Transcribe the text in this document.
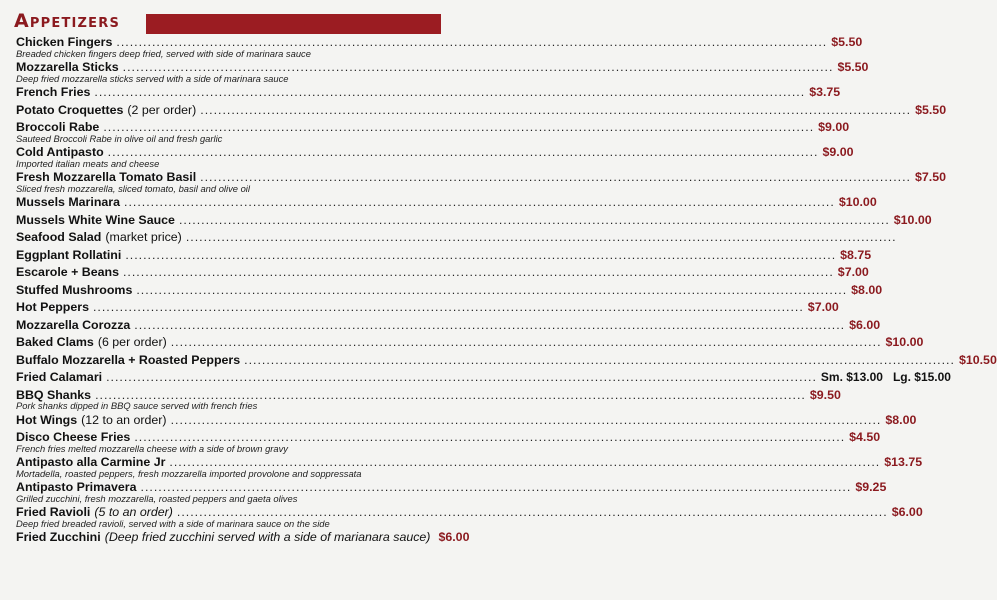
Appetizers
Chicken Fingers .....	$5.50
Breaded chicken fingers deep fried, served with side of marinara sauce
Mozzarella Sticks .....	$5.50
Deep fried mozzarella sticks served with a side of marinara sauce
French Fries .....	$3.75
Potato Croquettes (2 per order) .....	$5.50
Broccoli Rabe .....	$9.00
Sauteed Broccoli Rabe in olive oil and fresh garlic
Cold Antipasto .....	$9.00
Imported italian meats and cheese
Fresh Mozzarella Tomato Basil .....	$7.50
Sliced fresh mozzarella, sliced tomato, basil and olive oil
Mussels Marinara .....	$10.00
Mussels White Wine Sauce .....	$10.00
Seafood Salad (market price)
.....
Eggplant Rollatini .....	$8.75
Escarole + Beans .....	$7.00
Stuffed Mushrooms .....	$8.00
Hot Peppers .....	$7.00
Mozzarella Corozza .....	$6.00
Baked Clams (6 per order) .....	$10.00
Buffalo Mozzarella + Roasted Peppers .....	$10.50
Fried Calamari .....	Sm. $13.00 Lg. $15.00
BBQ Shanks .....	$9.50
Pork shanks dipped in BBQ sauce served with french fries
Hot Wings (12 to an order) .....	$8.00
Disco Cheese Fries .....	$4.50
French fries melted mozzarella cheese with a side of brown gravy
Antipasto alla Carmine Jr .....	$13.75
Mortadella, roasted peppers, fresh mozzarella imported provolone and soppressata
Antipasto Primavera .....	$9.25
Grilled zucchini, fresh mozzarella, roasted peppers and gaeta olives
Fried Ravioli (5 to an order) .....	$6.00
Deep fried breaded ravioli, served with a side of marinara sauce on the side
Fried Zucchini (Deep fried zucchini served with a side of marianara sauce) $6.00
